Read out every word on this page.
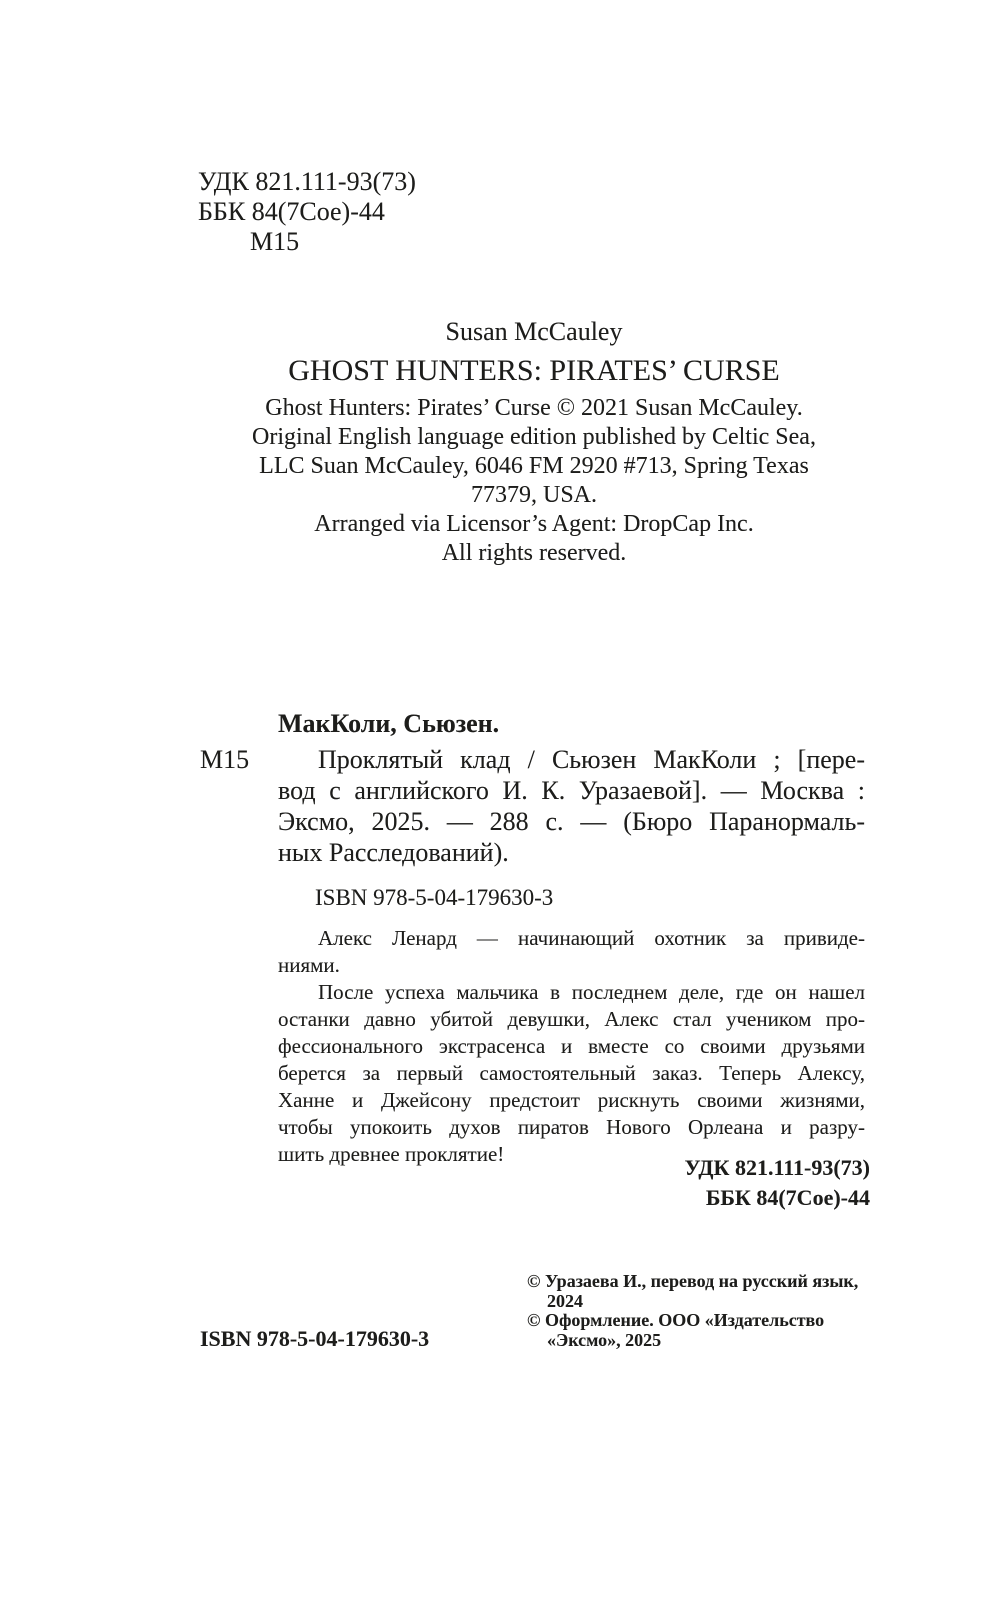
УДК 821.111-93(73)
ББК 84(7Сое)-44
М15
Susan McCauley
GHOST HUNTERS: PIRATES’ CURSE
Ghost Hunters: Pirates’ Curse © 2021 Susan McCauley.
Original English language edition published by Celtic Sea,
LLC Suan McCauley, 6046 FM 2920 #713, Spring Texas
77379, USA.
Arranged via Licensor’s Agent: DropCap Inc.
All rights reserved.
МакКоли, Сьюзен.
М15	Проклятый клад / Сьюзен МакКоли ; [пере-
вод с английского И. К. Уразаевой]. — Москва :
Эксмо, 2025. — 288 с. — (Бюро Паранормаль-
ных Расследований).
ISBN 978-5-04-179630-3
Алекс Ленард — начинающий охотник за привиде-
ниями.
После успеха мальчика в последнем деле, где он нашел
останки давно убитой девушки, Алекс стал учеником про-
фессионального экстрасенса и вместе со своими друзьями
берется за первый самостоятельный заказ. Теперь Алексу,
Ханне и Джейсону предстоит рискнуть своими жизнями,
чтобы упокоить духов пиратов Нового Орлеана и разру-
шить древнее проклятие!
УДК 821.111-93(73)
ББК 84(7Сое)-44
© Уразаева И., перевод на русский язык,
2024
© Оформление. ООО «Издательство
«Эксмо», 2025
ISBN 978-5-04-179630-3
